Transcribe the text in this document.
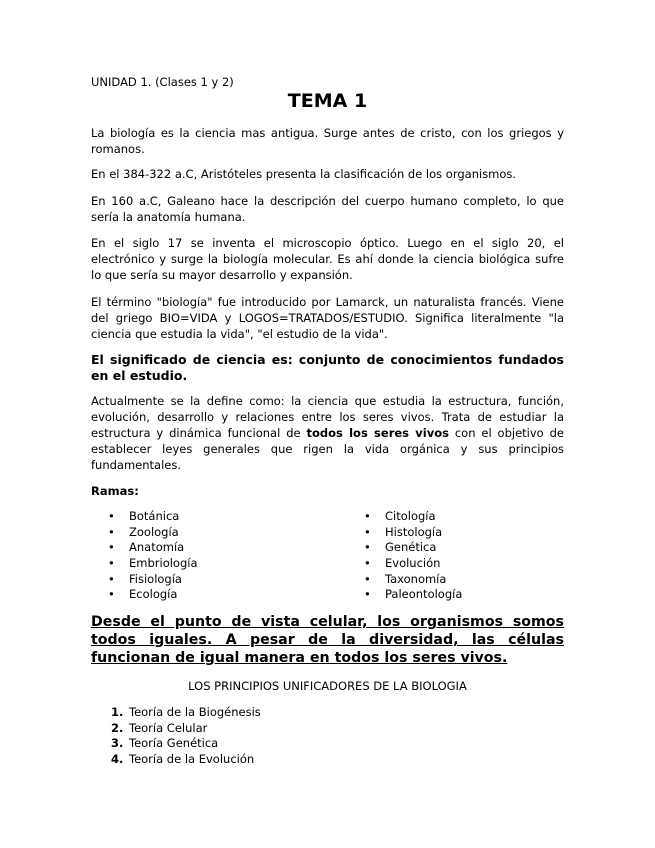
UNIDAD 1. (Clases 1 y 2)
TEMA 1

La biología es la ciencia mas antigua. Surge antes de cristo, con los griegos y romanos.

En el 384-322 a.C, Aristóteles presenta la clasificación de los organismos.

En 160 a.C, Galeano hace la descripción del cuerpo humano completo, lo que sería la anatomía humana.

En el siglo 17 se inventa el microscopio óptico. Luego en el siglo 20, el electrónico y surge la biología molecular. Es ahí donde la ciencia biológica sufre lo que sería su mayor desarrollo y expansión.

El término "biología" fue introducido por Lamarck, un naturalista francés. Viene del griego BIO=VIDA y LOGOS=TRATADOS/ESTUDIO. Significa literalmente "la ciencia que estudia la vida", "el estudio de la vida".

El significado de ciencia es: conjunto de conocimientos fundados en el estudio.

Actualmente se la define como: la ciencia que estudia la estructura, función, evolución, desarrollo y relaciones entre los seres vivos. Trata de estudiar la estructura y dinámica funcional de todos los seres vivos con el objetivo de establecer leyes generales que rigen la vida orgánica y sus principios fundamentales.

Ramas:

• Botánica
• Zoología
• Anatomía
• Embriología
• Fisiología
• Ecología
• Citología
• Histología
• Genética
• Evolución
• Taxonomía
• Paleontología

Desde el punto de vista celular, los organismos somos todos iguales. A pesar de la diversidad, las células funcionan de igual manera en todos los seres vivos.

LOS PRINCIPIOS UNIFICADORES DE LA BIOLOGIA

1. Teoría de la Biogénesis
2. Teoría Celular
3. Teoría Genética
4. Teoría de la Evolución
